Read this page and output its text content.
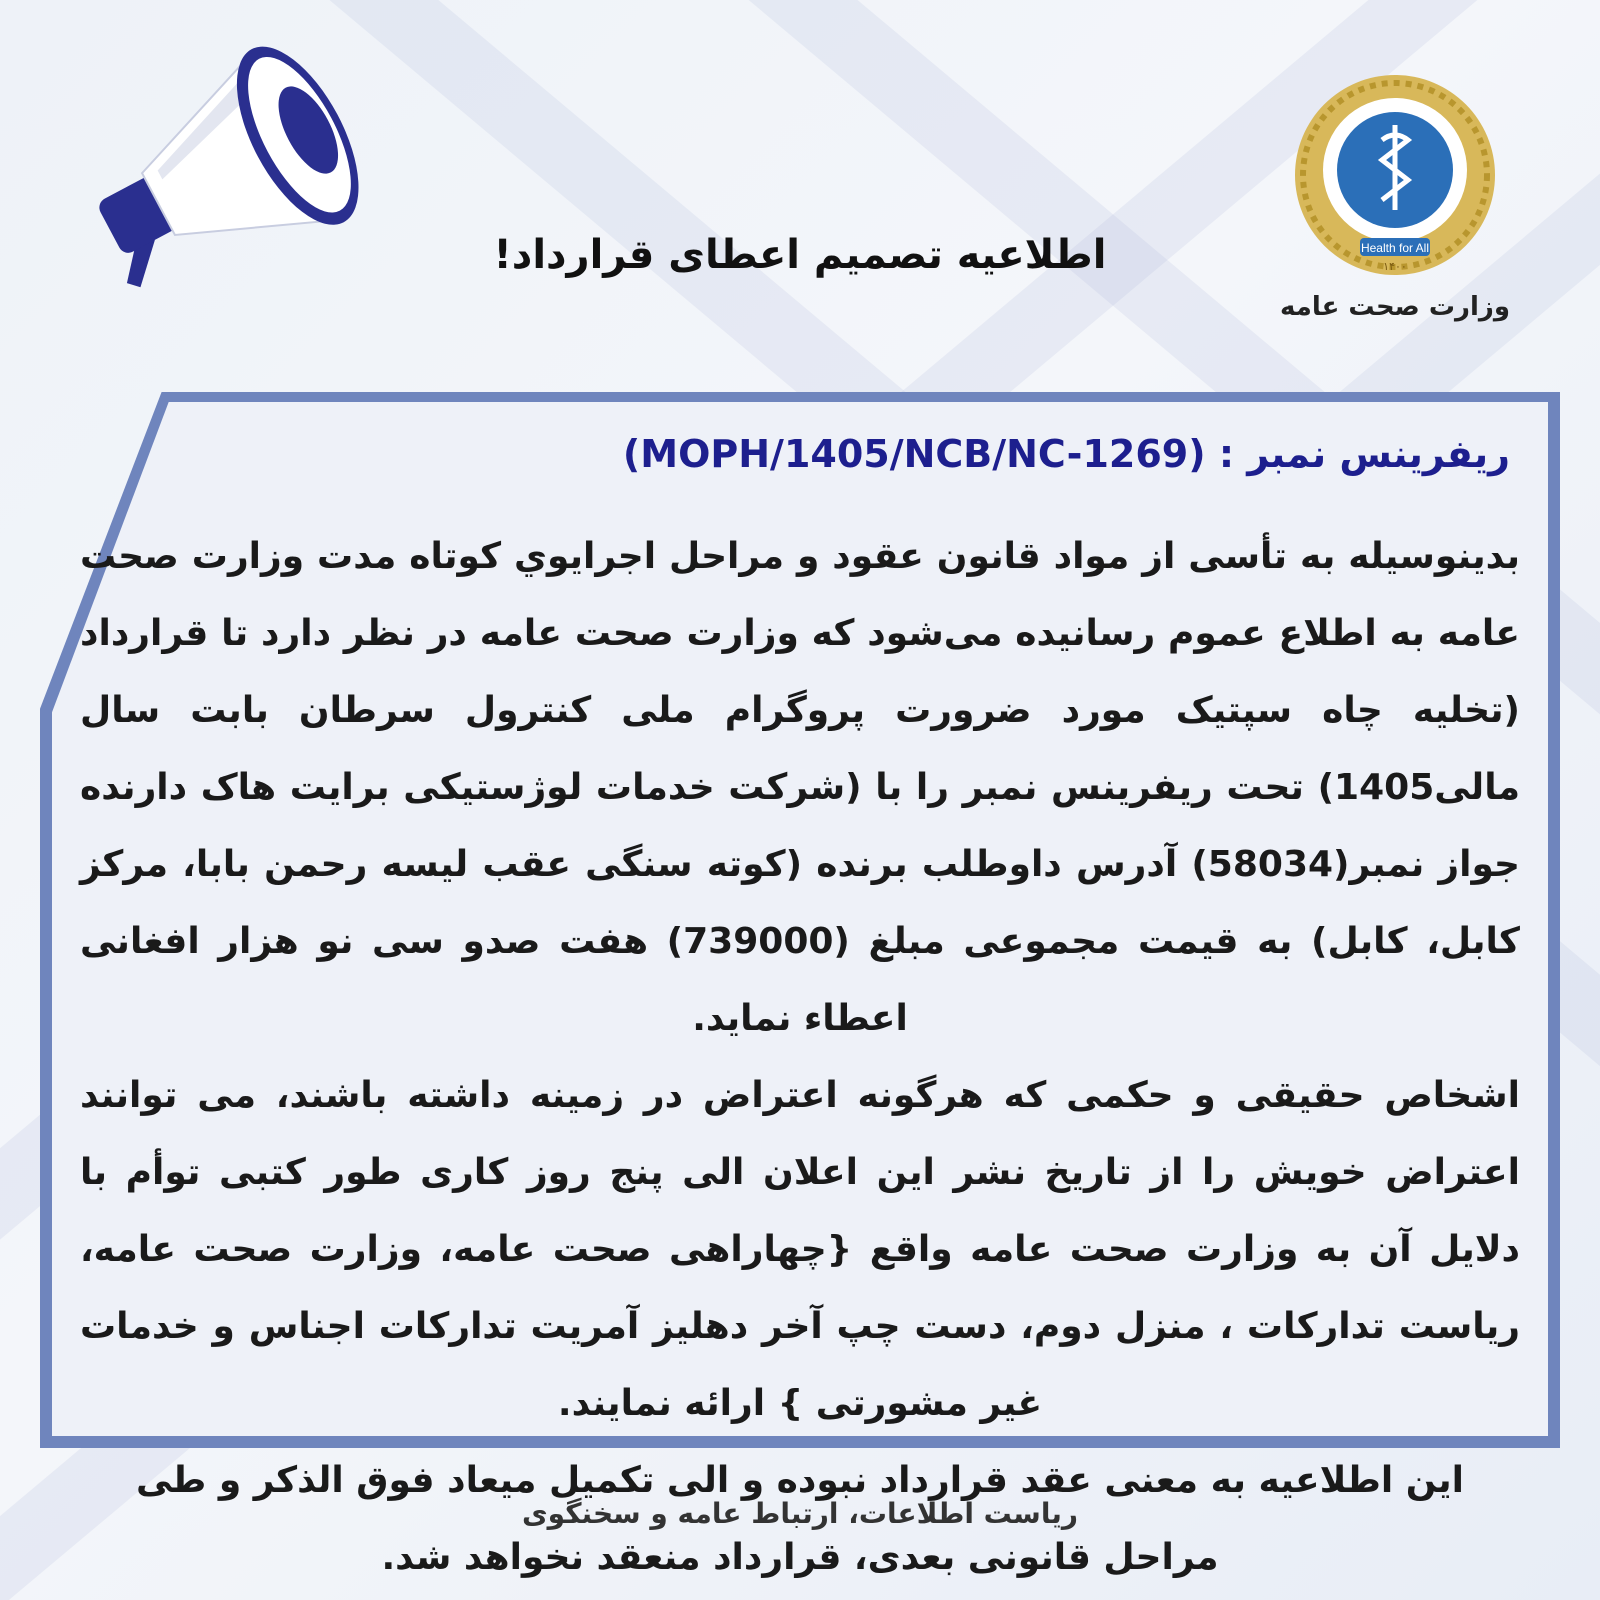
Health for All
۱۴۰۰
وزارت صحت عامه
اطلاعیه تصمیم اعطای قرارداد!
ریفرینس نمبر : (MOPH/1405/NCB/NC-1269)

بدینوسیله به تأسی از مواد قانون عقود و مراحل اجرایوي کوتاه مدت وزارت صحت عامه به اطلاع عموم رسانیده می‌شود که وزارت صحت عامه در نظر دارد تا قرارداد (تخلیه چاه سپتیک مورد ضرورت پروگرام ملی کنترول سرطان بابت سال مالی1405) تحت ریفرینس نمبر را با (شرکت خدمات لوژستیکی برایت هاک دارنده جواز نمبر(58034) آدرس داوطلب برنده (کوته سنگی عقب لیسه رحمن بابا، مرکز کابل، کابل) به قیمت مجموعی مبلغ (739000) هفت صدو سی نو هزار افغانی اعطاء نماید.

اشخاص حقیقی و حکمی که هرگونه اعتراض در زمینه داشته باشند، می توانند اعتراض خویش را از تاریخ نشر این اعلان الی پنج روز کاری طور کتبی توأم با دلایل آن به وزارت صحت عامه واقع {چهاراهی صحت عامه، وزارت صحت عامه، ریاست تدارکات ، منزل دوم، دست چپ آخر دهلیز آمریت تدارکات اجناس و خدمات غیر مشورتی } ارائه نمایند.

این اطلاعیه به معنی عقد قرارداد نبوده و الی تکمیل میعاد فوق الذکر و طی مراحل قانونی بعدی، قرارداد منعقد نخواهد شد.

ریاست اطلاعات، ارتباط عامه و سخنگوی
